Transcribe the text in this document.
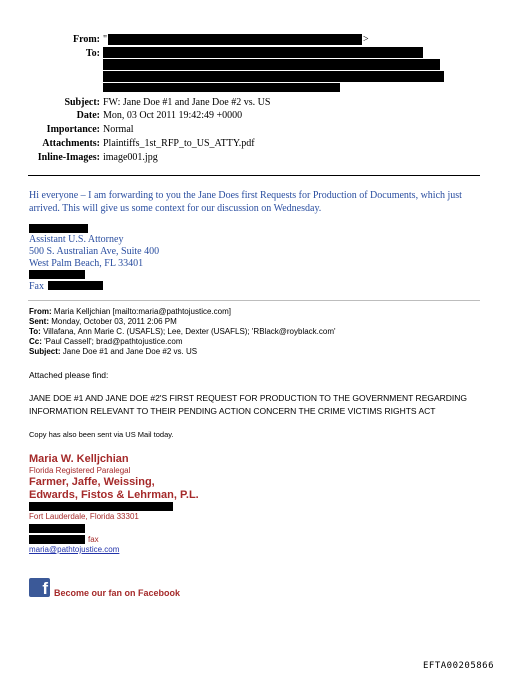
From: "	>
To:
Subject: FW: Jane Doe #1 and Jane Doe #2 vs. US
Date: Mon, 03 Oct 2011 19:42:49 +0000
Importance: Normal
Attachments: Plaintiffs_1st_RFP_to_US_ATTY.pdf
Inline-Images: image001.jpg
Hi everyone – I am forwarding to you the Jane Does first Requests for Production of Documents, which just
arrived. This will give us some context for our discussion on Wednesday.
Assistant U.S. Attorney
500 S. Australian Ave, Suite 400
West Palm Beach, FL 33401
Fax
From: Maria Kelljchian [mailto:maria@pathtojustice.com]
Sent: Monday, October 03, 2011 2:06 PM
To: Villafana, Ann Marie C. (USAFLS); Lee, Dexter (USAFLS); 'RBlack@royblack.com'
Cc: 'Paul Cassell'; brad@pathtojustice.com
Subject: Jane Doe #1 and Jane Doe #2 vs. US
Attached please find:
JANE DOE #1 AND JANE DOE #2'S FIRST REQUEST FOR PRODUCTION TO THE GOVERNMENT REGARDING
INFORMATION RELEVANT TO THEIR PENDING ACTION CONCERN THE CRIME VICTIMS RIGHTS ACT
Copy has also been sent via US Mail today.
Maria W. Kelljchian
Florida Registered Paralegal
Farmer, Jaffe, Weissing,
Edwards, Fistos & Lehrman, P.L.
Fort Lauderdale, Florida 33301
fax
maria@pathtojustice.com
f Become our fan on Facebook
EFTA00205866
